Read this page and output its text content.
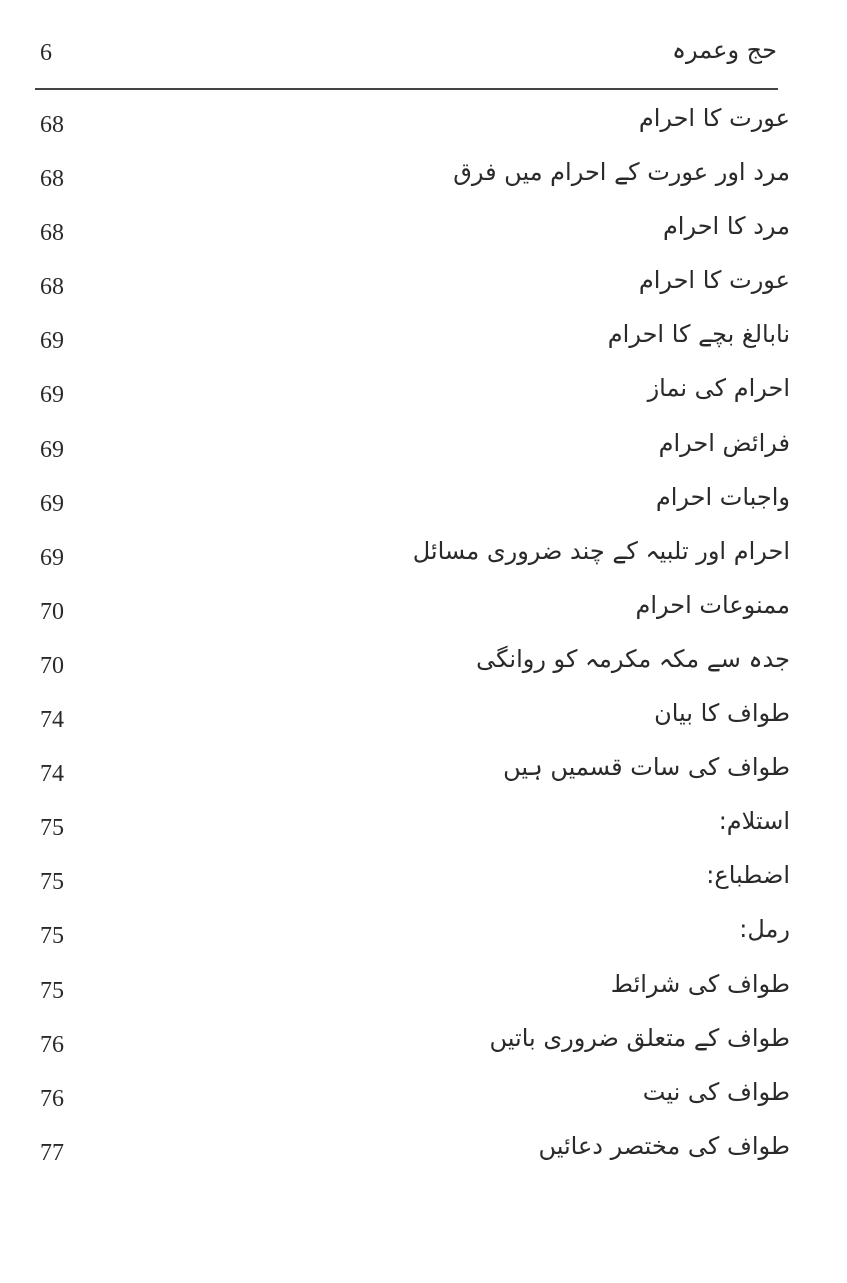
6	حج وعمرہ
عورت کا احرام
68
مرد اور عورت کے احرام میں فرق
68
مرد کا احرام
68
عورت کا احرام
68
نابالغ بچے کا احرام
69
احرام کی نماز
69
فرائض احرام
69
واجبات احرام
69
احرام اور تلبیہ کے چند ضروری مسائل
69
ممنوعات احرام
70
جدہ سے مکہ مکرمہ کو روانگی
70
طواف کا بیان
74
طواف کی سات قسمیں ہیں
74
استلام:
75
اضطباع:
75
رمل:
75
طواف کی شرائط
75
طواف کے متعلق ضروری باتیں
76
طواف کی نیت
76
طواف کی مختصر دعائیں
77
